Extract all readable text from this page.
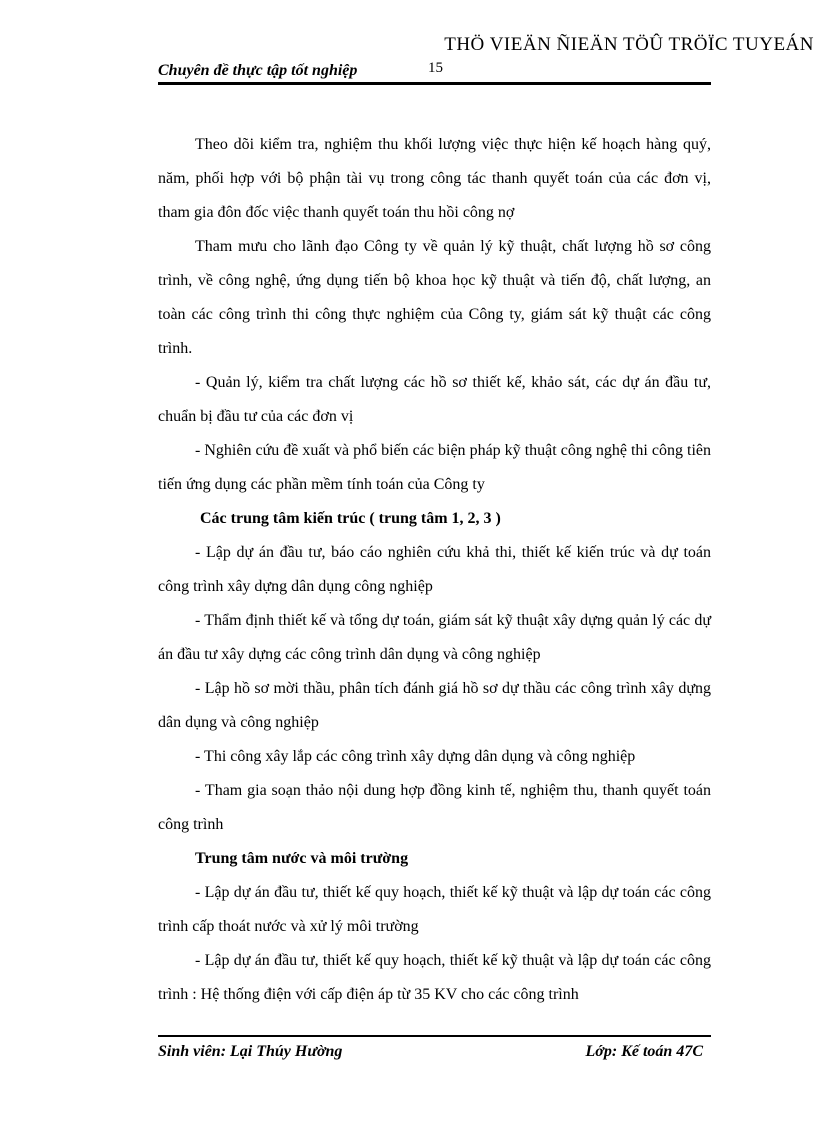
THÖ VIEÄN ÑIEÄN TÖÛ TRÖÏC TUYEÁN
Chuyên đề thực tập tốt nghiệp	15

Theo dõi kiểm tra, nghiệm thu khối lượng việc thực hiện kế hoạch hàng quý, năm, phối hợp với bộ phận tài vụ trong công tác thanh quyết toán của các đơn vị, tham gia đôn đốc việc thanh quyết toán thu hồi công nợ

Tham mưu cho lãnh đạo Công ty về quản lý kỹ thuật, chất lượng hồ sơ công trình, về công nghệ, ứng dụng tiến bộ khoa học kỹ thuật và tiến độ, chất lượng, an toàn các công trình thi công thực nghiệm của Công ty, giám sát kỹ thuật các công trình.

- Quản lý, kiểm tra chất lượng các hồ sơ thiết kế, khảo sát, các dự án đầu tư, chuẩn bị đầu tư của các đơn vị

- Nghiên cứu đề xuất và phổ biến các biện pháp kỹ thuật công nghệ thi công tiên tiến ứng dụng các phần mềm tính toán của Công ty

Các trung tâm kiến trúc ( trung tâm 1, 2, 3 )

- Lập dự án đầu tư, báo cáo nghiên cứu khả thi, thiết kế kiến trúc và dự toán công trình xây dựng dân dụng công nghiệp

- Thẩm định thiết kế và tổng dự toán, giám sát kỹ thuật xây dựng quản lý các dự án đầu tư xây dựng các công trình dân dụng và công nghiệp

- Lập hồ sơ mời thầu, phân tích đánh giá hồ sơ dự thầu các công trình xây dựng dân dụng và công nghiệp

- Thi công xây lắp các công trình xây dựng dân dụng và công nghiệp

- Tham gia soạn thảo nội dung hợp đồng kinh tế, nghiệm thu, thanh quyết toán công trình

Trung tâm nước và môi trường

- Lập dự án đầu tư, thiết kế quy hoạch, thiết kế kỹ thuật và lập dự toán các công trình cấp thoát nước và xử lý môi trường

- Lập dự án đầu tư, thiết kế quy hoạch, thiết kế kỹ thuật và lập dự toán các công trình : Hệ thống điện với cấp điện áp từ 35 KV cho các công trình

Sinh viên: Lại Thúy Hường	Lớp: Kế toán 47C
